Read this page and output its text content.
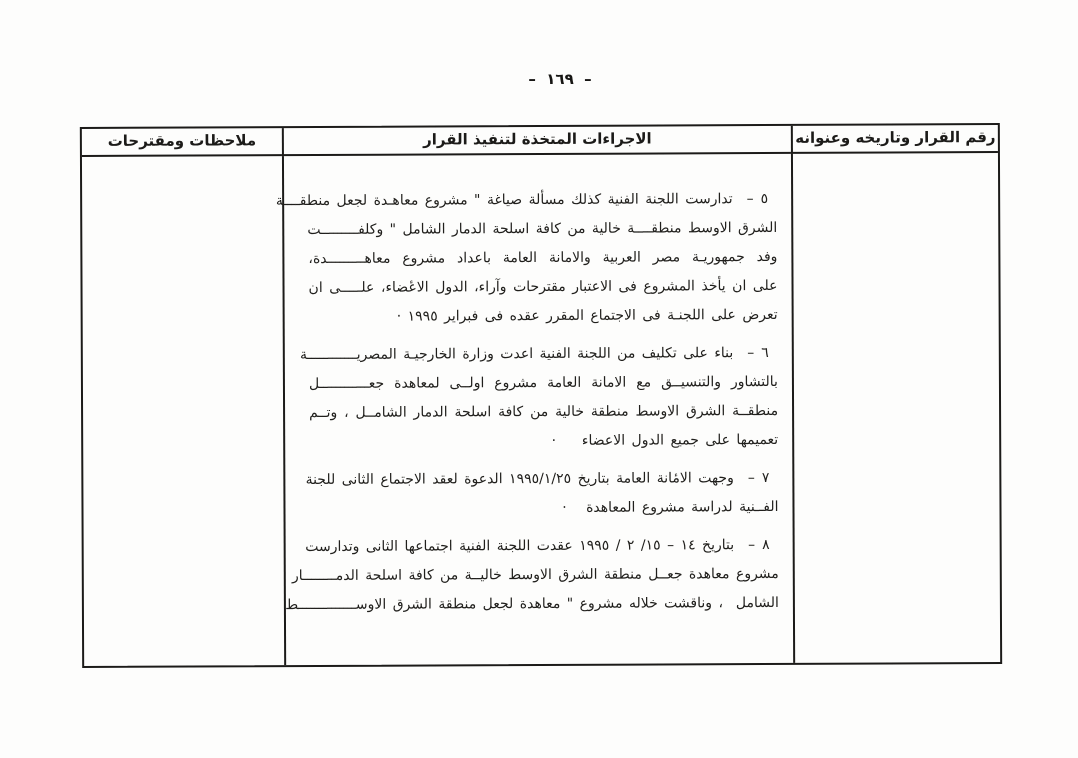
–  ١٦٩  –
رقم القرار وتاريخه وعنوانه
الاجراءات المتخذة لتنفيذ القرار
ملاحظات ومقترحات
٥–تدارست اللجنة الفنية كذلك مسألة صياغة " مشروع معاهـدة لجعل منطقــــة
الشرق الاوسط منطقــــة خالية من كافة اسلحة الدمار الشامل " وكلفـــــــــت
وفد جمهوريـة مصر العربية والامانة العامة باعداد مشروع معاهـــــــــدة،
على ان يأخذ المشروع فى الاعتبار مقترحات وآراء، الدول الاعٔضاء، علـــــى ان
تعرض على اللجنـة فى الاجتماع المقرر عقده فى فبراير ١٩٩٥ ·
٦–بناء على تكليف من اللجنة الفنية اعدت وزارة الخارجيـة المصريــــــــــــة
بالتشاور والتنسيــق مع الامانة العامة مشروع اولــى لمعاهدة جعــــــــــــل
منطقــة الشرق الاوسط منطقة خالية من كافة اسلحة الدمار الشامــل ، وتــم
تعميمها على جميع الدول الاعضاء    ·
٧–وجهت الامٔانة العامة بتاريخ ١٩٩٥/١/٢٥ الدعوة لعقد الاجتماع الثانى للجنة
الفــنية لدراسة مشروع المعاهدة   ·
٨–بتاريخ ١٤ – ١٥/ ٢ / ١٩٩٥ عقدت اللجنة الفنية اجتماعها الثانى وتدارست
مشروع معاهدة جعــل منطقة الشرق الاوسط خاليــة من كافة اسلحة الدمــــــــار
الشامل  ، وناقشت خلاله مشروع " معاهدة لجعل منطقة الشرق الاوســــــــــــــط
